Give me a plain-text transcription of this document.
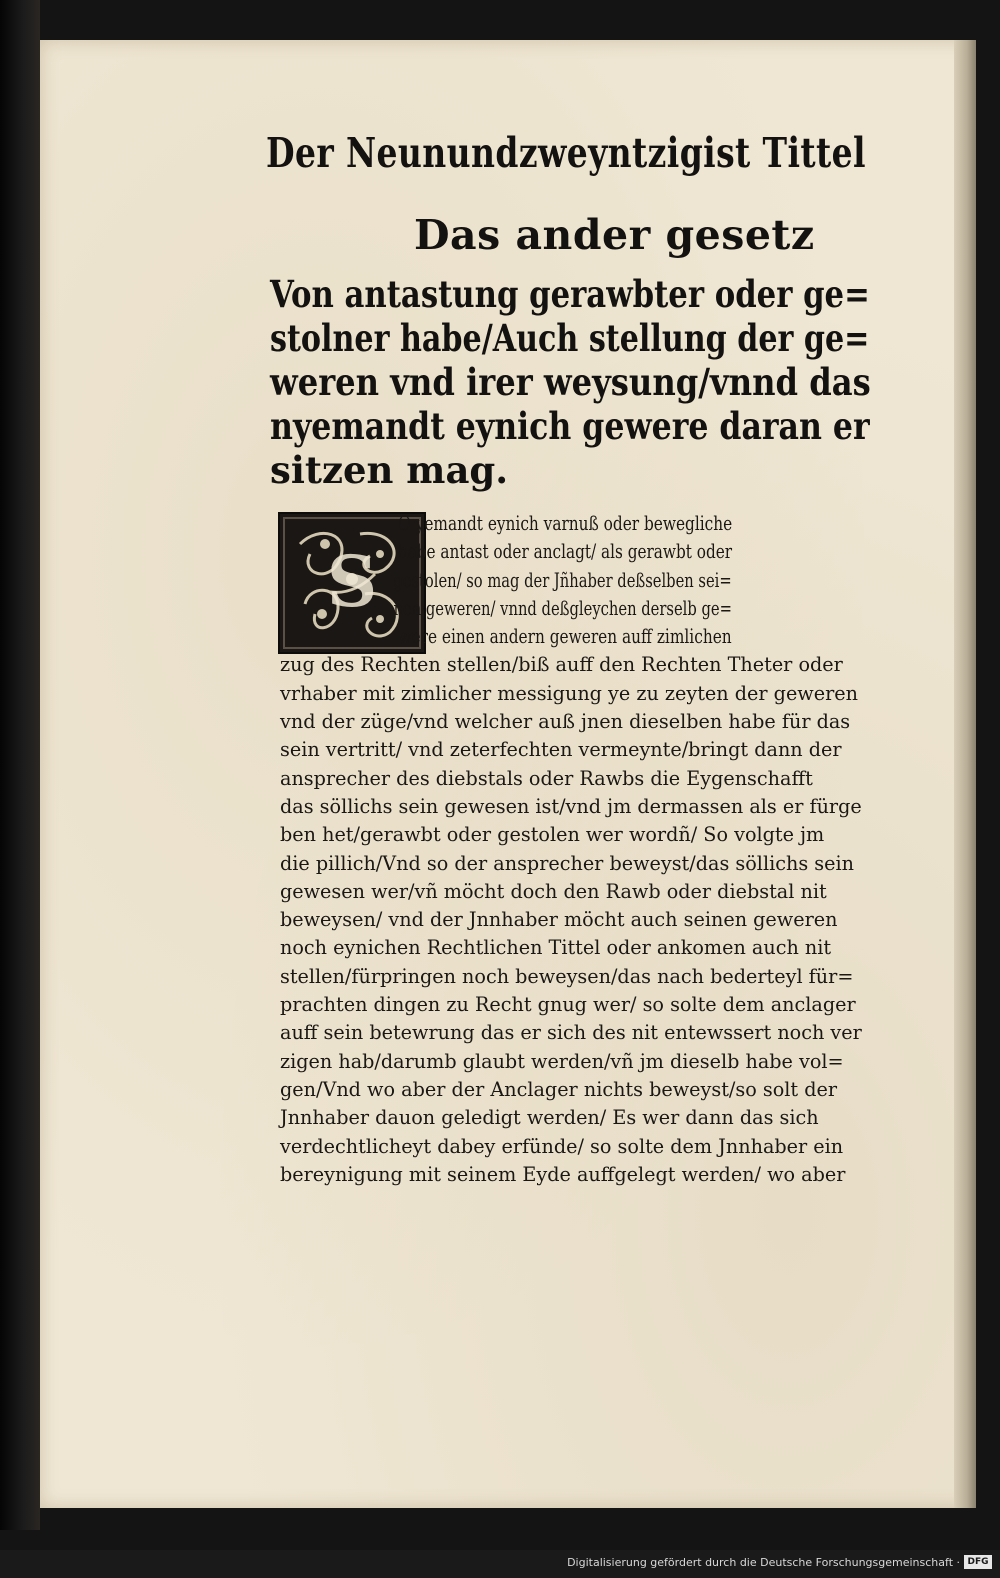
Der Neunundzweyntzigist Tittel
Das ander gesetz
Von antastung gerawbter oder ge=
stolner habe/Auch stellung der ge=
weren vnd irer weysung/vnnd das
nyemandt eynich gewere daran er
sitzen mag.
S
O yemandt eynich varnuß oder bewegliche
habe antast oder anclagt/ als gerawbt oder
gestolen/ so mag der Jñhaber deßselben sei=
nen geweren/ vnnd deßgleychen derselb ge=
were einen andern geweren auff zimlichen
zug des Rechten stellen/biß auff den Rechten Theter oder
vrhaber mit zimlicher messigung ye zu zeyten der geweren
vnd der züge/vnd welcher auß jnen dieselben habe für das
sein vertritt/ vnd zeterfechten vermeynte/bringt dann der
ansprecher des diebstals oder Rawbs die Eygenschafft
das söllichs sein gewesen ist/vnd jm dermassen als er fürge
ben het/gerawbt oder gestolen wer wordñ/ So volgte jm
die pillich/Vnd so der ansprecher beweyst/das söllichs sein
gewesen wer/vñ möcht doch den Rawb oder diebstal nit
beweysen/ vnd der Jnnhaber möcht auch seinen geweren
noch eynichen Rechtlichen Tittel oder ankomen auch nit
stellen/fürpringen noch beweysen/das nach bederteyl für=
prachten dingen zu Recht gnug wer/ so solte dem anclager
auff sein betewrung das er sich des nit entewssert noch ver
zigen hab/darumb glaubt werden/vñ jm dieselb habe vol=
gen/Vnd wo aber der Anclager nichts beweyst/so solt der
Jnnhaber dauon geledigt werden/ Es wer dann das sich
verdechtlicheyt dabey erfünde/ so solte dem Jnnhaber ein
bereynigung mit seinem Eyde auffgelegt werden/ wo aber
Digitalisierung gefördert durch die Deutsche Forschungsgemeinschaft · DFG
